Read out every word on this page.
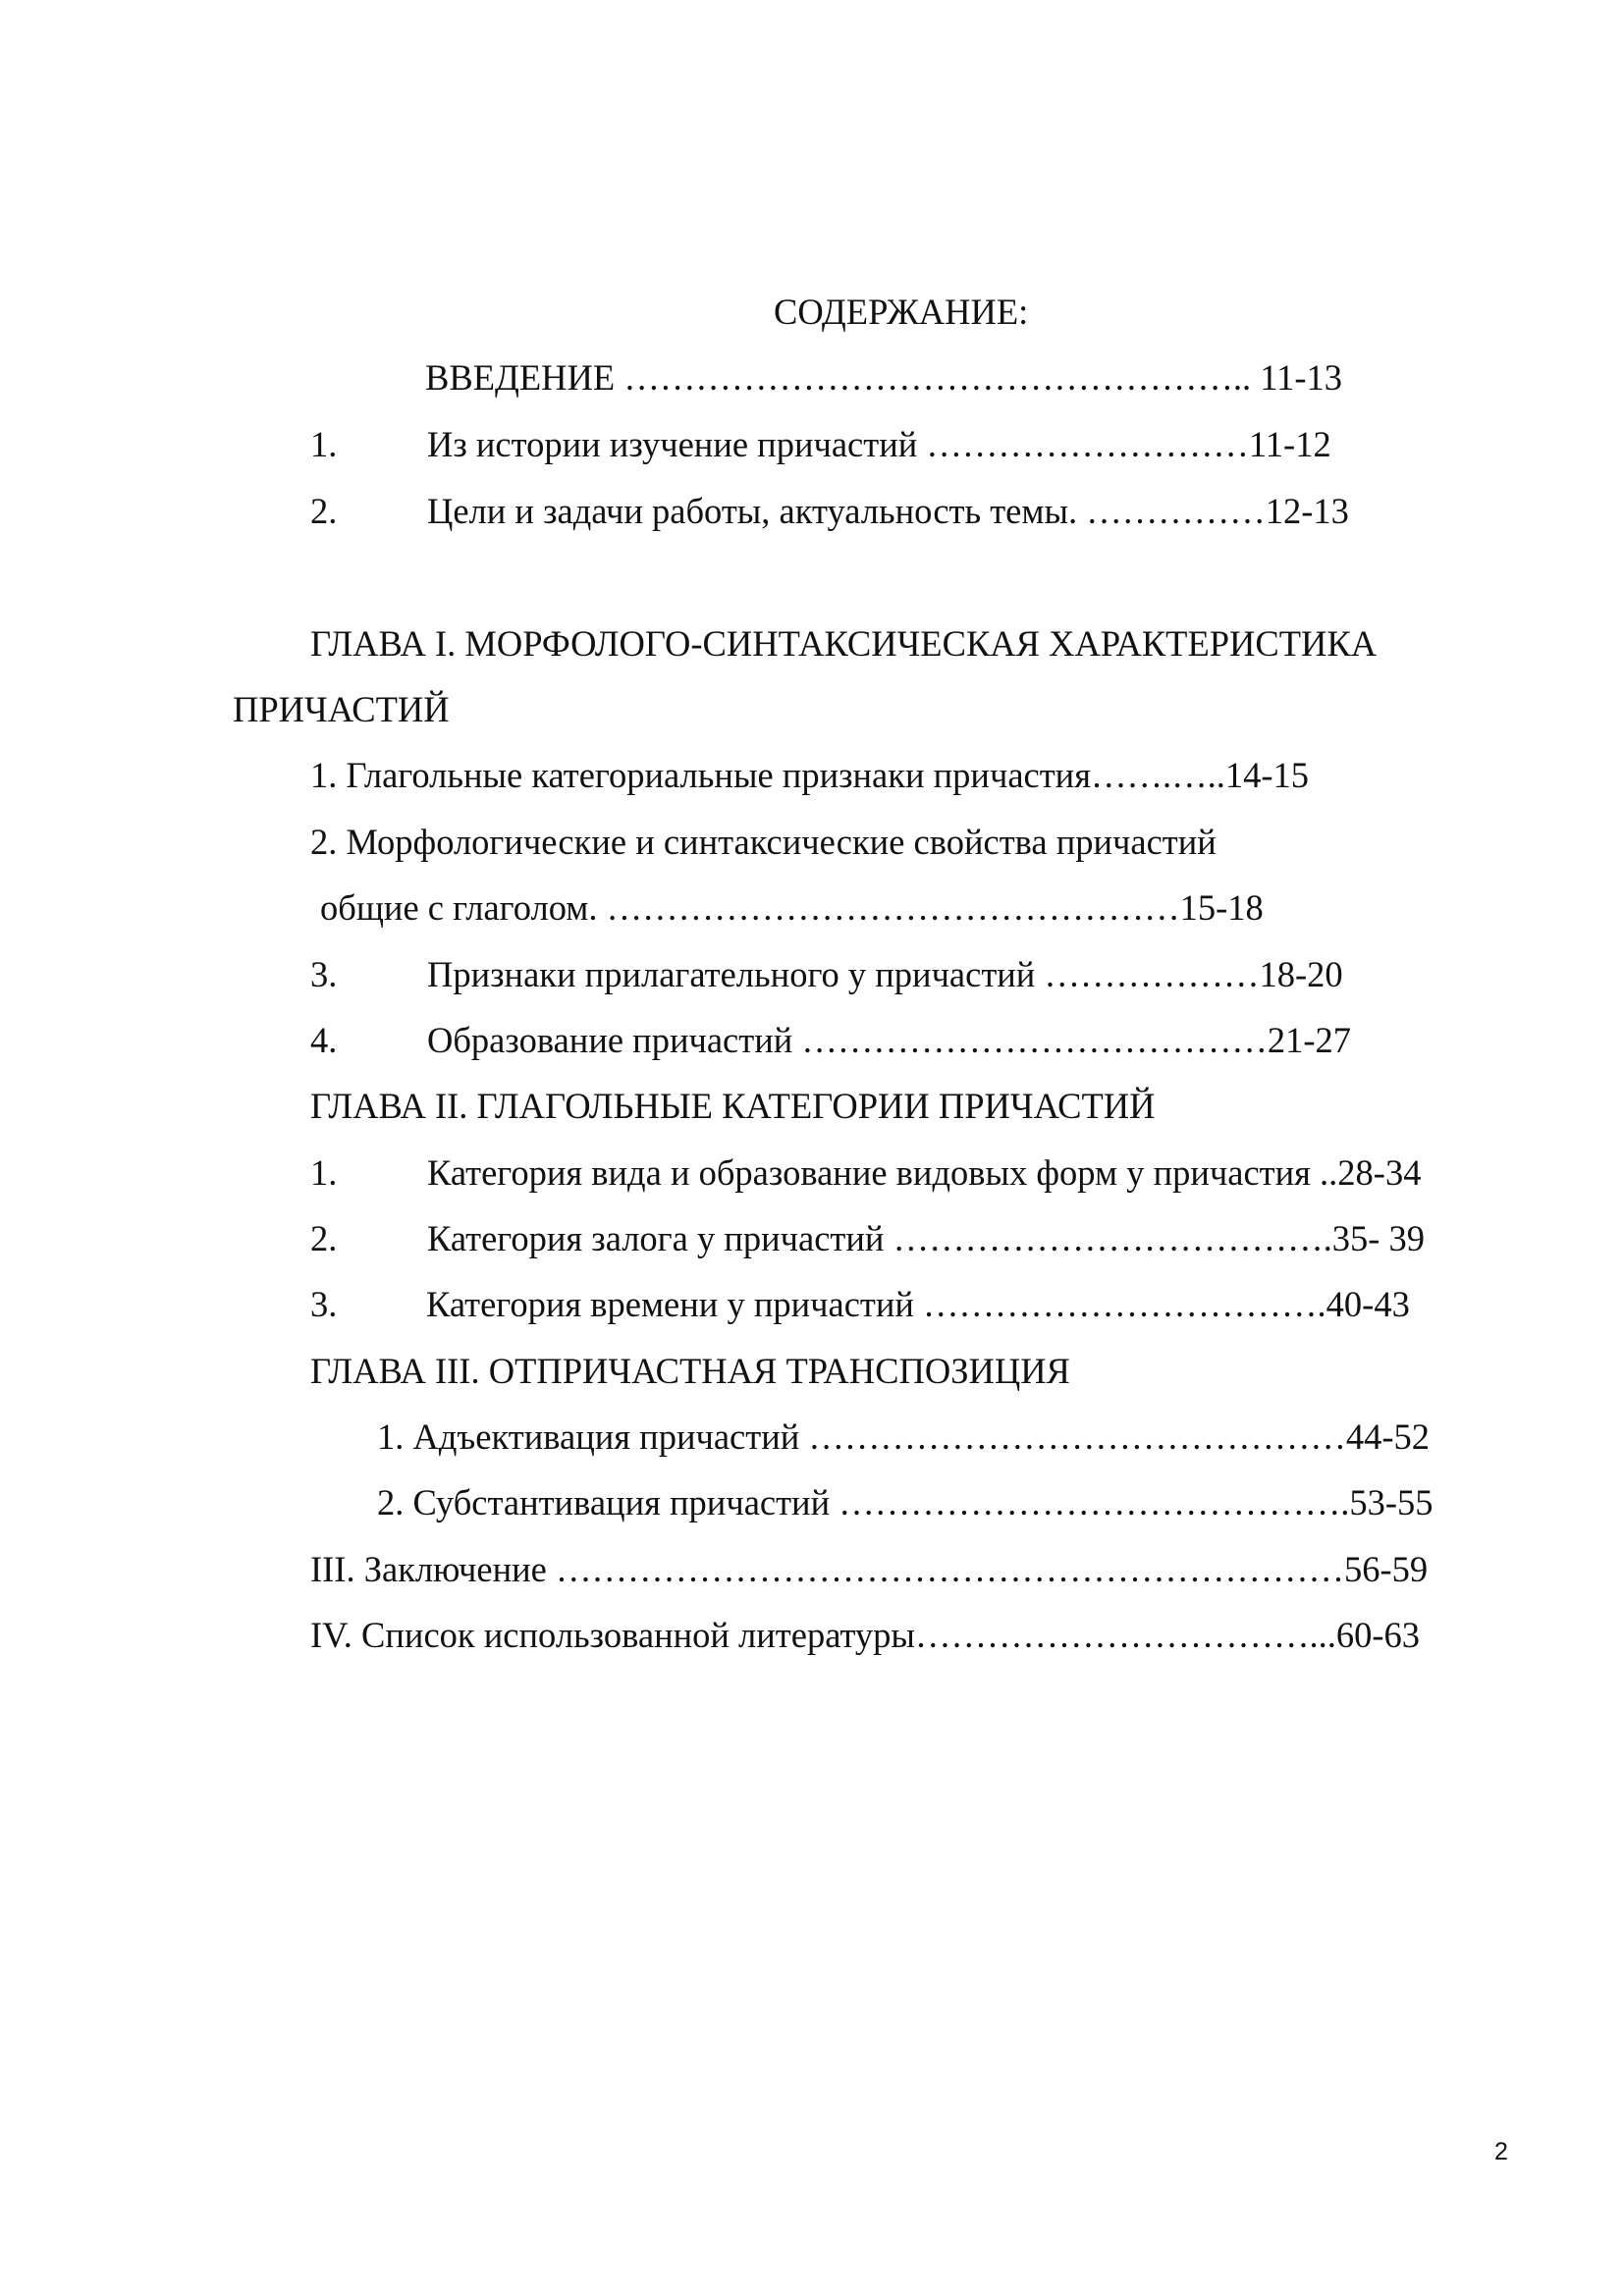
СОДЕРЖАНИЕ:
ВВЕДЕНИЕ …………………………………………….. 11-13
1.	Из истории изучение причастий ………………………11-12
2.	Цели и задачи работы, актуальность темы. ……………12-13
ГЛАВА I. МОРФОЛОГО-СИНТАКСИЧЕСКАЯ ХАРАКТЕРИСТИКА
ПРИЧАСТИЙ
1. Глагольные категориальные признаки причастия…….…..14-15
2. Морфологические и синтаксические свойства причастий
общие с глаголом. …………………………………………15-18
3.	Признаки прилагательного у причастий ………………18-20
4.	Образование причастий …………………………………21-27
ГЛАВА II. ГЛАГОЛЬНЫЕ КАТЕГОРИИ ПРИЧАСТИЙ
1.	Категория вида и образование видовых форм у причастия ..28-34
2.	Категория залога у причастий ……………………………….35- 39
3. Категория времени у причастий …………………………….40-43
ГЛАВА III. ОТПРИЧАСТНАЯ ТРАНСПОЗИЦИЯ
1. Адъективация причастий ………………………………………44-52
2. Субстантивация причастий …………………………………….53-55
III. Заключение …………………………………………………………56-59
IV. Список использованной литературы……………………………...60-63
2
